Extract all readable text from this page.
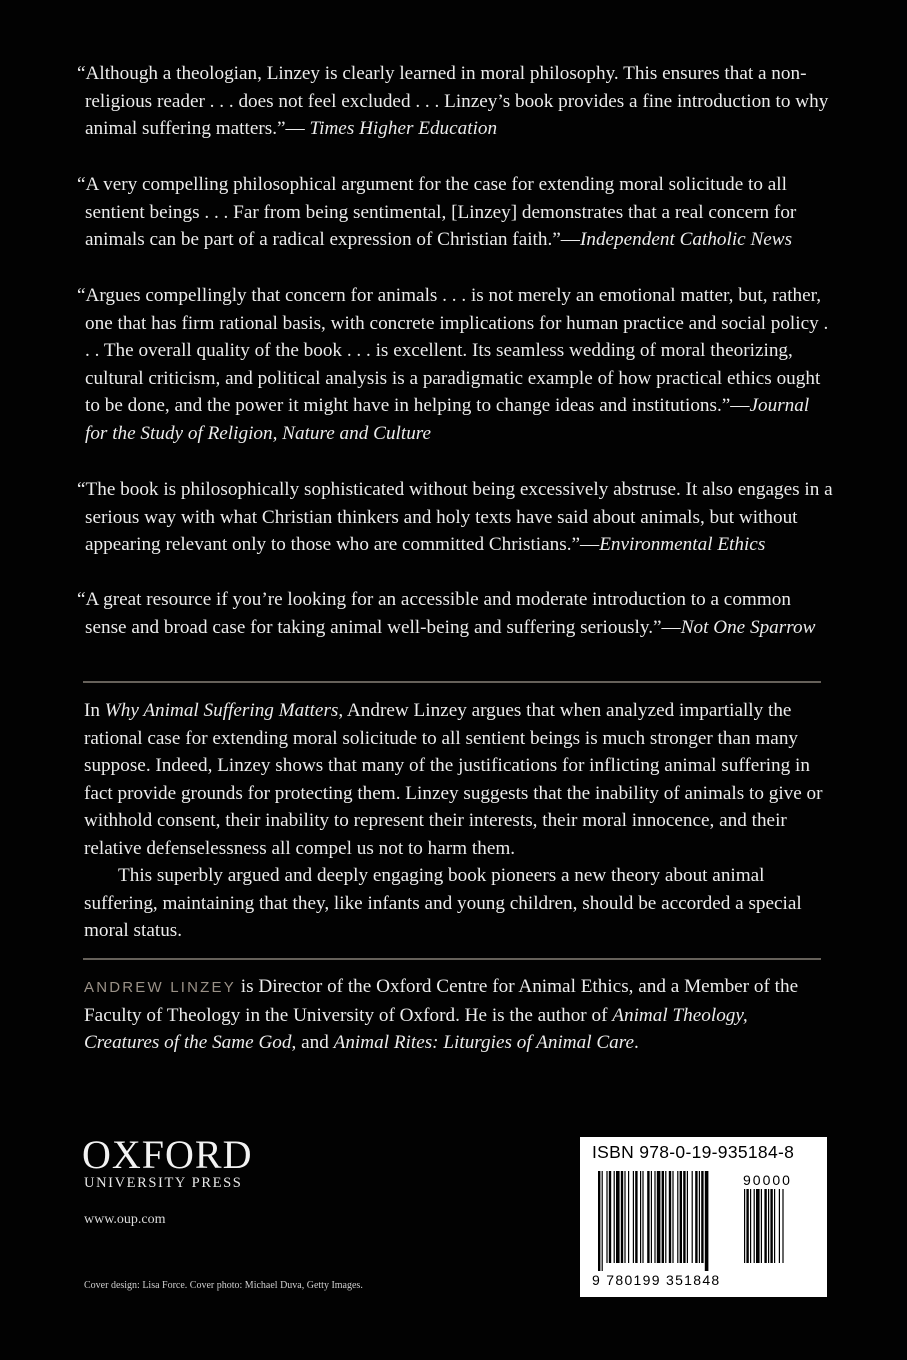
“Although a theologian, Linzey is clearly learned in moral philosophy. This ensures that a non-religious reader . . . does not feel excluded . . . Linzey’s book provides a fine introduction to why animal suffering matters.”— Times Higher Education
“A very compelling philosophical argument for the case for extending moral solicitude to all sentient beings . . . Far from being sentimental, [Linzey] demonstrates that a real concern for animals can be part of a radical expression of Christian faith.”—Independent Catholic News
“Argues compellingly that concern for animals . . . is not merely an emotional matter, but, rather, one that has firm rational basis, with concrete implications for human practice and social policy . . . The overall quality of the book . . . is excellent. Its seamless wedding of moral theorizing, cultural criticism, and political analysis is a paradigmatic example of how practical ethics ought to be done, and the power it might have in helping to change ideas and institutions.”—Journal for the Study of Religion, Nature and Culture
“The book is philosophically sophisticated without being excessively abstruse. It also engages in a serious way with what Christian thinkers and holy texts have said about animals, but without appearing relevant only to those who are committed Christians.”—Environmental Ethics
“A great resource if you’re looking for an accessible and moderate introduction to a common sense and broad case for taking animal well-being and suffering seriously.”—Not One Sparrow

In Why Animal Suffering Matters, Andrew Linzey argues that when analyzed impartially the rational case for extending moral solicitude to all sentient beings is much stronger than many suppose. Indeed, Linzey shows that many of the justifications for inflicting animal suffering in fact provide grounds for protecting them. Linzey suggests that the inability of animals to give or withhold consent, their inability to represent their interests, their moral innocence, and their relative defenselessness all compel us not to harm them.

This superbly argued and deeply engaging book pioneers a new theory about animal suffering, maintaining that they, like infants and young children, should be accorded a special moral status.

ANDREW LINZEY is Director of the Oxford Centre for Animal Ethics, and a Member of the Faculty of Theology in the University of Oxford. He is the author of Animal Theology, Creatures of the Same God, and Animal Rites: Liturgies of Animal Care.
OXFORD
UNIVERSITY PRESS
www.oup.com
Cover design: Lisa Force. Cover photo: Michael Duva, Getty Images.
ISBN 978-0-19-935184-8
90000
9 780199 351848
